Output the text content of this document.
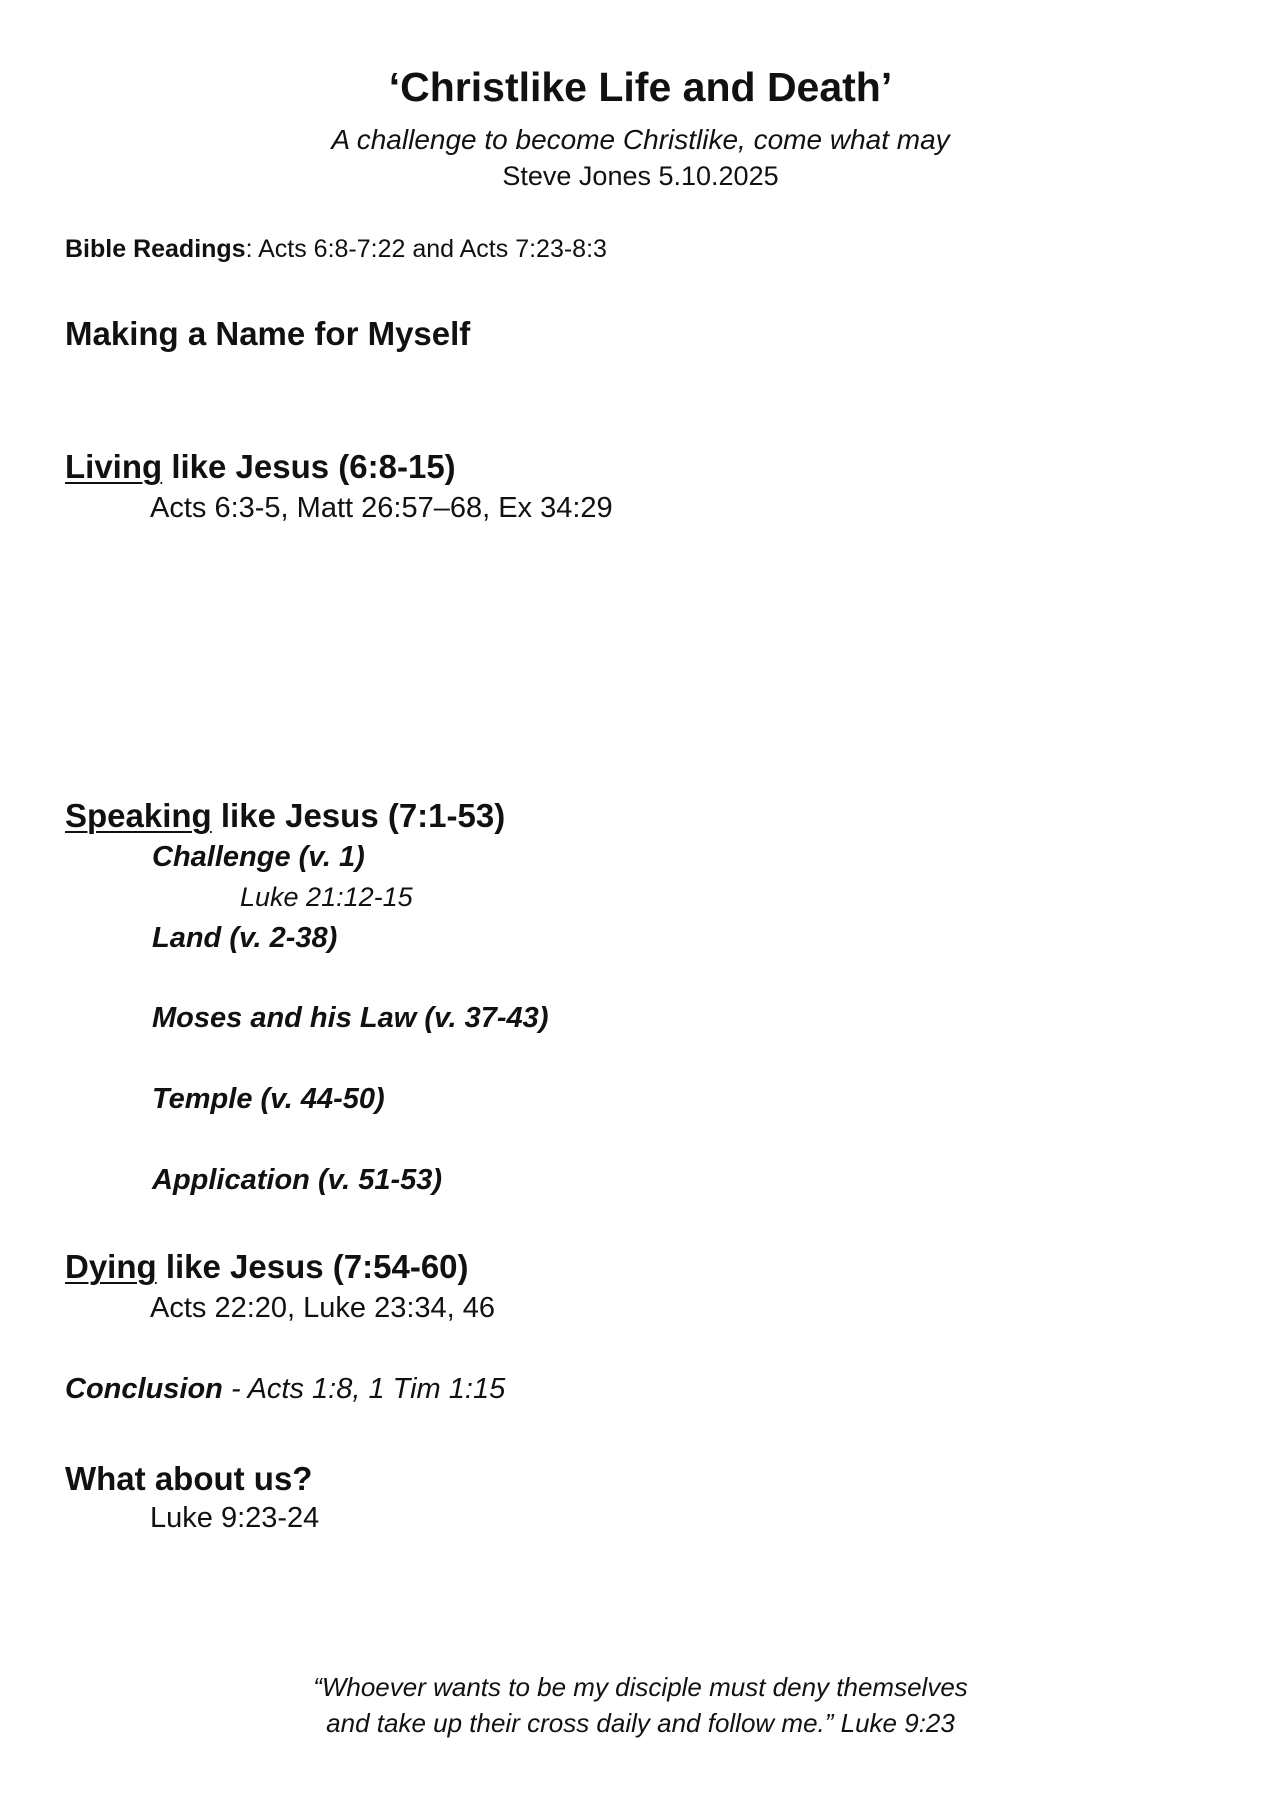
‘Christlike Life and Death’
A challenge to become Christlike, come what may
Steve Jones 5.10.2025
Bible Readings: Acts 6:8-7:22 and Acts 7:23-8:3
Making a Name for Myself
Living like Jesus (6:8-15)
Acts 6:3-5, Matt 26:57–68, Ex 34:29
Speaking like Jesus (7:1-53)
Challenge (v. 1)
Luke 21:12-15
Land (v. 2-38)
Moses and his Law (v. 37-43)
Temple (v. 44-50)
Application (v. 51-53)
Dying like Jesus (7:54-60)
Acts 22:20, Luke 23:34, 46
Conclusion - Acts 1:8, 1 Tim 1:15
What about us?
Luke 9:23-24
“Whoever wants to be my disciple must deny themselves
and take up their cross daily and follow me.” Luke 9:23
